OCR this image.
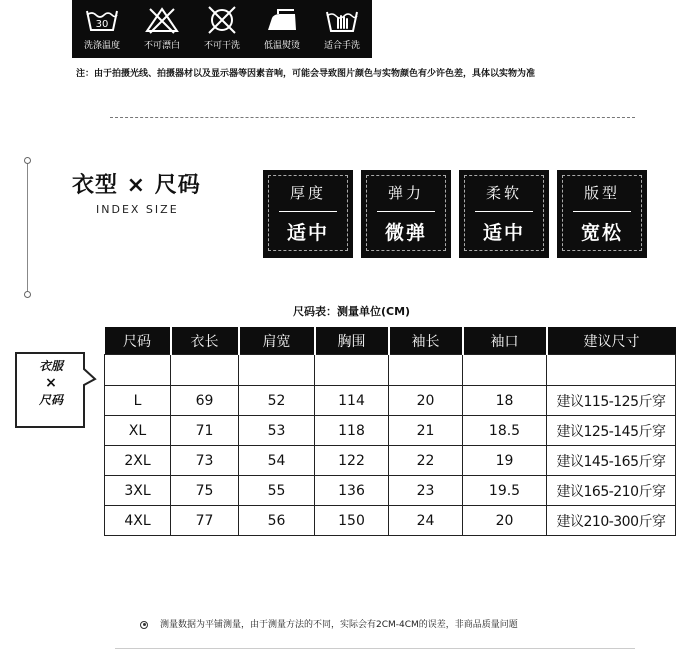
30
洗涤温度	不可漂白	不可干洗	低温熨烫	适合手洗
注：由于拍摄光线、拍摄器材以及显示器等因素音响，可能会导致图片颜色与实物颜色有少许色差，具体以实物为准
衣型 × 尺码
INDEX SIZE
厚度
适中
弹力
微弹
柔软
适中
版型
宽松
尺码表：测量单位(CM)
衣服
×
尺码
尺码	衣长	肩宽	胸围	袖长	袖口	建议尺寸

L	69	52	114	20	18	建议115-125斤穿
XL	71	53	118	21	18.5	建议125-145斤穿
2XL	73	54	122	22	19	建议145-165斤穿
3XL	75	55	136	23	19.5	建议165-210斤穿
4XL	77	56	150	24	20	建议210-300斤穿
测量数据为平铺测量，由于测量方法的不同，实际会有2CM-4CM的误差，非商品质量问题
